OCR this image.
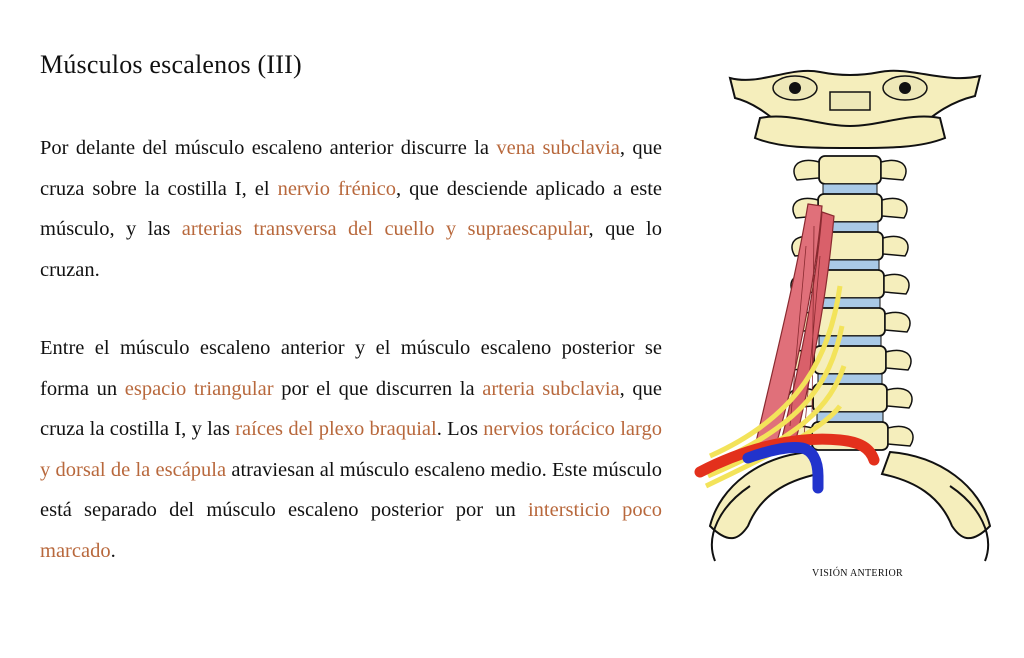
Músculos escalenos (III)

Por delante del músculo escaleno anterior discurre la vena subclavia, que cruza sobre la costilla I, el nervio frénico, que desciende aplicado a este músculo, y las arterias transversa del cuello y supraescapular, que lo cruzan.

Entre el músculo escaleno anterior y el músculo escaleno posterior se forma un espacio triangular por el que discurren la arteria subclavia, que cruza la costilla I, y las raíces del plexo braquial. Los nervios torácico largo y dorsal de la escápula atraviesan al músculo escaleno medio. Este músculo está separado del músculo escaleno posterior por un intersticio poco marcado.

VISIÓN ANTERIOR
